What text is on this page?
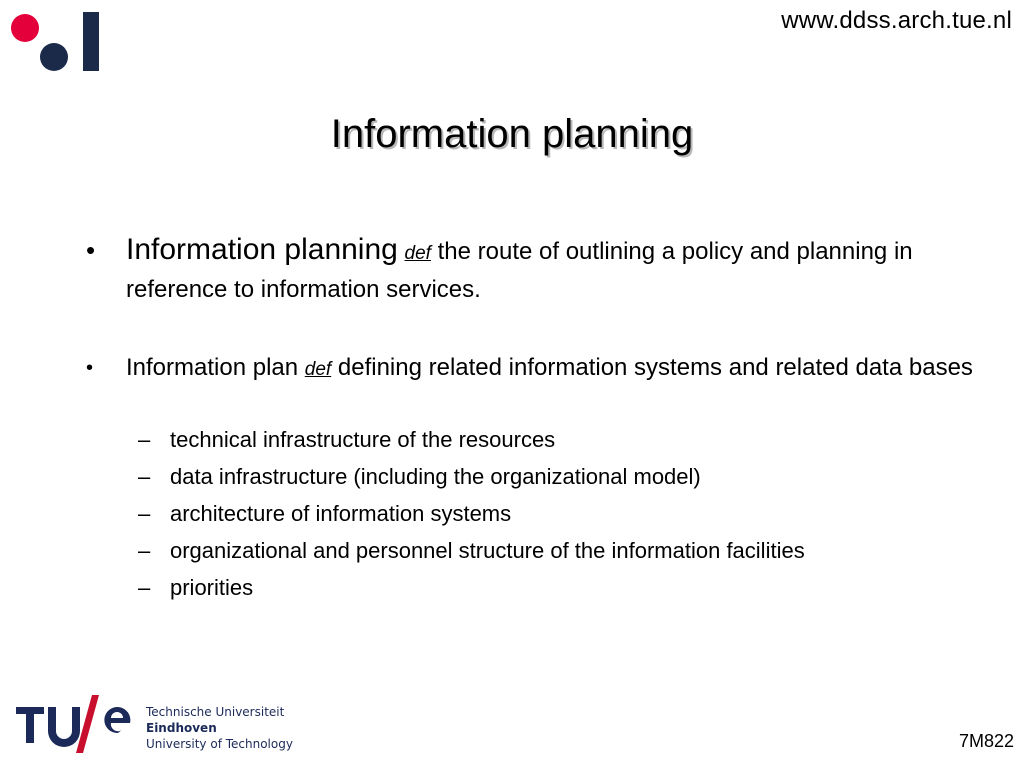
www.ddss.arch.tue.nl
Information planning
• Information planning def the route of outlining a policy and planning in reference to information services.
• Information plan def defining related information systems and related data bases
– technical infrastructure of the resources
– data infrastructure (including the organizational model)
– architecture of information systems
– organizational and personnel structure of the information facilities
– priorities
Technische Universiteit
Eindhoven
University of Technology	7M822
